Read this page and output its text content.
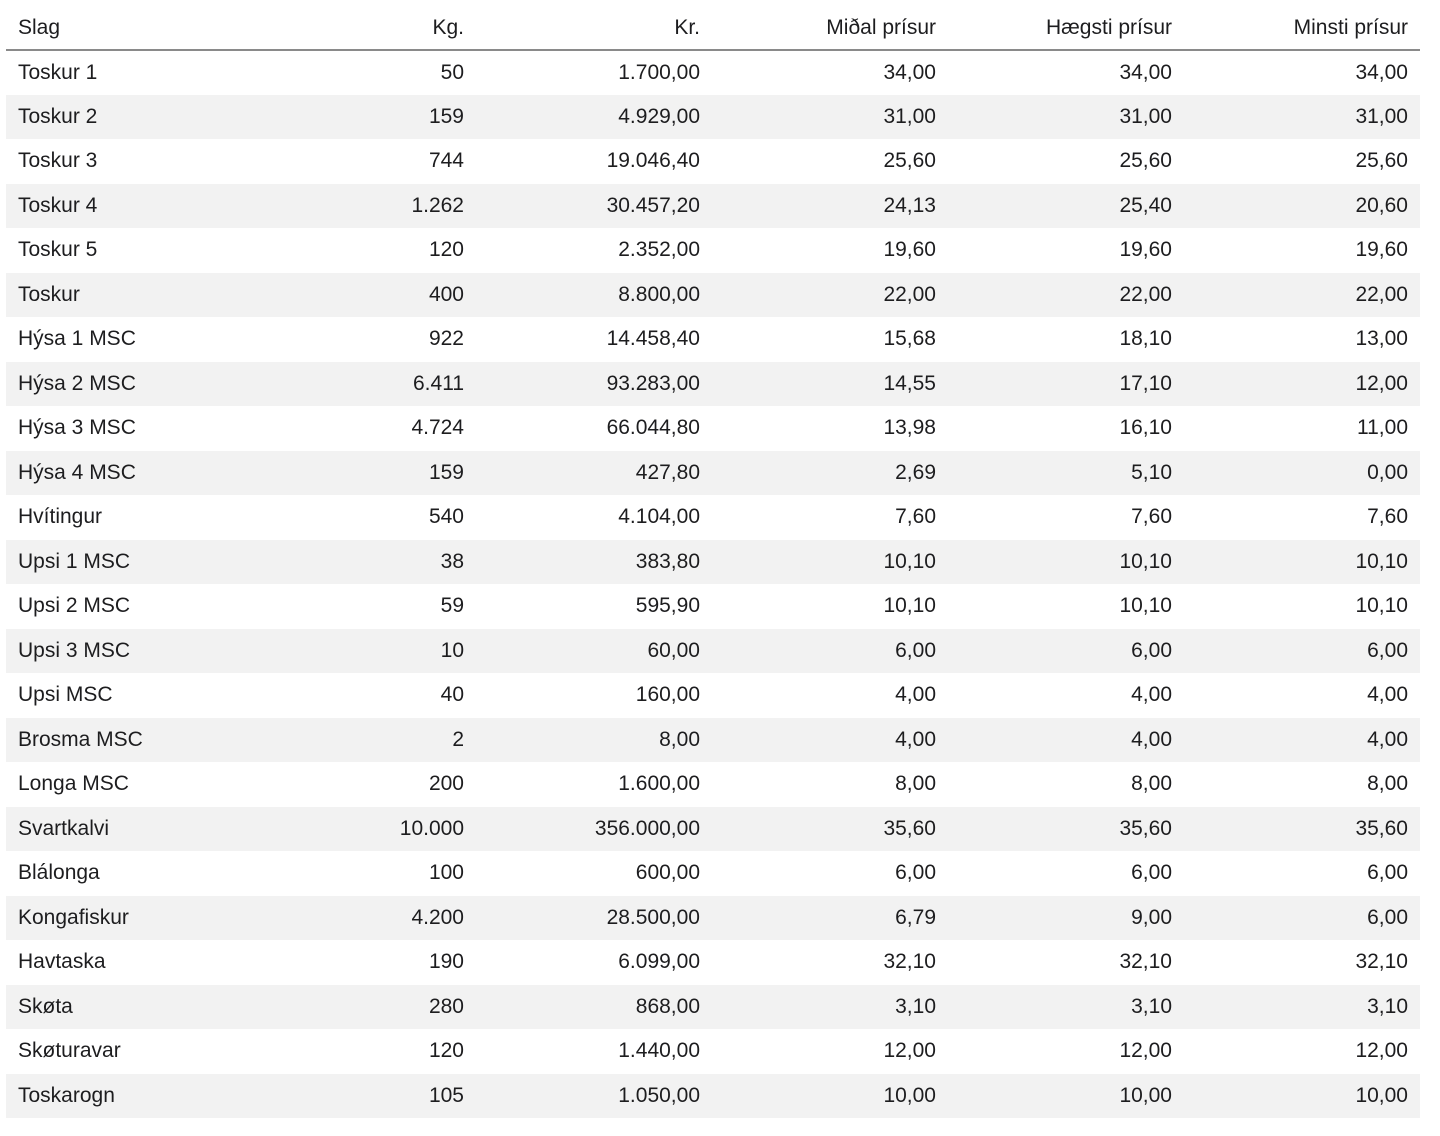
Slag	Kg.	Kr.	Miðal prísur	Hægsti prísur	Minsti prísur
Toskur 1	50	1.700,00	34,00	34,00	34,00
Toskur 2	159	4.929,00	31,00	31,00	31,00
Toskur 3	744	19.046,40	25,60	25,60	25,60
Toskur 4	1.262	30.457,20	24,13	25,40	20,60
Toskur 5	120	2.352,00	19,60	19,60	19,60
Toskur	400	8.800,00	22,00	22,00	22,00
Hýsa 1 MSC	922	14.458,40	15,68	18,10	13,00
Hýsa 2 MSC	6.411	93.283,00	14,55	17,10	12,00
Hýsa 3 MSC	4.724	66.044,80	13,98	16,10	11,00
Hýsa 4 MSC	159	427,80	2,69	5,10	0,00
Hvítingur	540	4.104,00	7,60	7,60	7,60
Upsi 1 MSC	38	383,80	10,10	10,10	10,10
Upsi 2 MSC	59	595,90	10,10	10,10	10,10
Upsi 3 MSC	10	60,00	6,00	6,00	6,00
Upsi MSC	40	160,00	4,00	4,00	4,00
Brosma MSC	2	8,00	4,00	4,00	4,00
Longa MSC	200	1.600,00	8,00	8,00	8,00
Svartkalvi	10.000	356.000,00	35,60	35,60	35,60
Blálonga	100	600,00	6,00	6,00	6,00
Kongafiskur	4.200	28.500,00	6,79	9,00	6,00
Havtaska	190	6.099,00	32,10	32,10	32,10
Skøta	280	868,00	3,10	3,10	3,10
Skøturavar	120	1.440,00	12,00	12,00	12,00
Toskarogn	105	1.050,00	10,00	10,00	10,00
